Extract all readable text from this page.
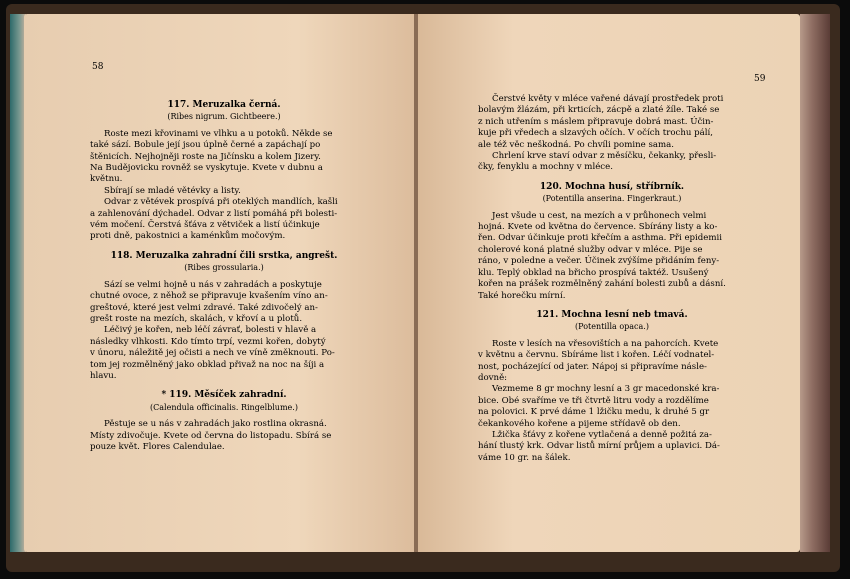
58
59

117. Meruzalka černá.

(Ribes nigrum. Gichtbeere.)

Roste mezi křovinami ve vlhku a u potoků. Někde se
také sází. Bobule její jsou úplně černé a zapáchají po
štěnicích. Nejhojněji roste na Jičínsku a kolem Jizery.
Na Budějovicku rovněž se vyskytuje. Kvete v dubnu a
květnu.

Sbírají se mladé větévky a listy.

Odvar z větévek prospívá při oteklých mandlích, kašli
a zahlenování dýchadel. Odvar z listí pomáhá při bolesti-
vém močení. Čerstvá šťáva z větviček a listí účinkuje
proti dně, pakostnici a kaménkům močovým.

118. Meruzalka zahradní čili srstka, angrešt.

(Ribes grossularia.)

Sází se velmi hojně u nás v zahradách a poskytuje
chutné ovoce, z něhož se připravuje kvašením víno an-
greštové, které jest velmi zdravé. Také zdivočelý an-
grešt roste na mezích, skalách, v křoví a u plotů.

Léčivý je kořen, neb léčí závrať, bolesti v hlavě a
následky vlhkosti. Kdo tímto trpí, vezmi kořen, dobytý
v únoru, náležitě jej očisti a nech ve víně změknouti. Po-
tom jej rozmělněný jako obklad přivaž na noc na šíji a
hlavu.

* 119. Měsíček zahradní.

(Calendula officinalis. Ringelblume.)

Pěstuje se u nás v zahradách jako rostlina okrasná.
Místy zdivočuje. Kvete od června do listopadu. Sbírá se
pouze květ. Flores Calendulae.

Čerstvé květy v mléce vařené dávají prostředek proti
bolavým žlázám, při krticích, zácpě a zlaté žíle. Také se
z nich utřením s máslem připravuje dobrá mast. Účin-
kuje při vředech a slzavých očích. V očích trochu pálí,
ale též věc neškodná. Po chvíli pomine sama.

Chrlení krve staví odvar z měsíčku, čekanky, přesli-
čky, fenyklu a mochny v mléce.

120. Mochna husí, stříbrník.

(Potentilla anserina. Fingerkraut.)

Jest všude u cest, na mezích a v průhonech velmi
hojná. Kvete od května do července. Sbírány listy a ko-
řen. Odvar účinkuje proti křečím a asthma. Při epidemii
cholerové koná platné služby odvar v mléce. Pije se
ráno, v poledne a večer. Účinek zvýšíme přidáním feny-
klu. Teplý obklad na břicho prospívá taktéž. Usušený
kořen na prášek rozmělněný zahání bolesti zubů a dásní.
Také horečku mírní.

121. Mochna lesní neb tmavá.

(Potentilla opaca.)

Roste v lesích na vřesovištích a na pahorcích. Kvete
v květnu a červnu. Sbíráme list i kořen. Léčí vodnatel-
nost, pocházející od jater. Nápoj si připravíme násle-
dovně:

Vezmeme 8 gr mochny lesní a 3 gr macedonské kra-
bice. Obé svaříme ve tři čtvrtě litru vody a rozdělíme
na polovici. K prvé dáme 1 lžičku medu, k druhé 5 gr
čekankového kořene a pijeme střídavě ob den.

Lžička šťávy z kořene vytlačená a denně požitá za-
hání tlustý krk. Odvar listů mírní průjem a uplavici. Dá-
váme 10 gr. na šálek.
